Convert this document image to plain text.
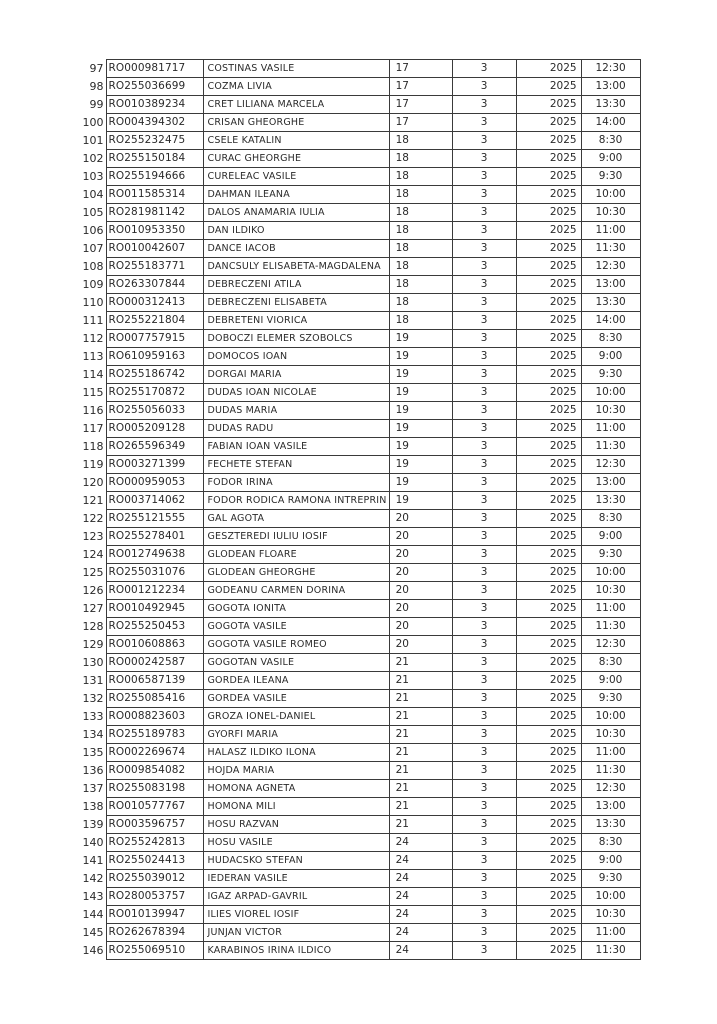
97	RO000981717	COSTINAS VASILE	17	3	2025	12:30
98	RO255036699	COZMA LIVIA	17	3	2025	13:00
99	RO010389234	CRET LILIANA MARCELA	17	3	2025	13:30
100	RO004394302	CRISAN GHEORGHE	17	3	2025	14:00
101	RO255232475	CSELE KATALIN	18	3	2025	8:30
102	RO255150184	CURAC GHEORGHE	18	3	2025	9:00
103	RO255194666	CURELEAC VASILE	18	3	2025	9:30
104	RO011585314	DAHMAN ILEANA	18	3	2025	10:00
105	RO281981142	DALOS ANAMARIA IULIA	18	3	2025	10:30
106	RO010953350	DAN ILDIKO	18	3	2025	11:00
107	RO010042607	DANCE IACOB	18	3	2025	11:30
108	RO255183771	DANCSULY ELISABETA-MAGDALENA	18	3	2025	12:30
109	RO263307844	DEBRECZENI ATILA	18	3	2025	13:00
110	RO000312413	DEBRECZENI ELISABETA	18	3	2025	13:30
111	RO255221804	DEBRETENI VIORICA	18	3	2025	14:00
112	RO007757915	DOBOCZI ELEMER SZOBOLCS	19	3	2025	8:30
113	RO610959163	DOMOCOS IOAN	19	3	2025	9:00
114	RO255186742	DORGAI MARIA	19	3	2025	9:30
115	RO255170872	DUDAS IOAN NICOLAE	19	3	2025	10:00
116	RO255056033	DUDAS MARIA	19	3	2025	10:30
117	RO005209128	DUDAS RADU	19	3	2025	11:00
118	RO265596349	FABIAN IOAN VASILE	19	3	2025	11:30
119	RO003271399	FECHETE STEFAN	19	3	2025	12:30
120	RO000959053	FODOR IRINA	19	3	2025	13:00
121	RO003714062	FODOR RODICA RAMONA INTREPRIN	19	3	2025	13:30
122	RO255121555	GAL AGOTA	20	3	2025	8:30
123	RO255278401	GESZTEREDI IULIU IOSIF	20	3	2025	9:00
124	RO012749638	GLODEAN FLOARE	20	3	2025	9:30
125	RO255031076	GLODEAN GHEORGHE	20	3	2025	10:00
126	RO001212234	GODEANU CARMEN DORINA	20	3	2025	10:30
127	RO010492945	GOGOTA IONITA	20	3	2025	11:00
128	RO255250453	GOGOTA VASILE	20	3	2025	11:30
129	RO010608863	GOGOTA VASILE ROMEO	20	3	2025	12:30
130	RO000242587	GOGOTAN VASILE	21	3	2025	8:30
131	RO006587139	GORDEA ILEANA	21	3	2025	9:00
132	RO255085416	GORDEA VASILE	21	3	2025	9:30
133	RO008823603	GROZA IONEL-DANIEL	21	3	2025	10:00
134	RO255189783	GYORFI MARIA	21	3	2025	10:30
135	RO002269674	HALASZ ILDIKO ILONA	21	3	2025	11:00
136	RO009854082	HOJDA MARIA	21	3	2025	11:30
137	RO255083198	HOMONA AGNETA	21	3	2025	12:30
138	RO010577767	HOMONA MILI	21	3	2025	13:00
139	RO003596757	HOSU RAZVAN	21	3	2025	13:30
140	RO255242813	HOSU VASILE	24	3	2025	8:30
141	RO255024413	HUDACSKO STEFAN	24	3	2025	9:00
142	RO255039012	IEDERAN VASILE	24	3	2025	9:30
143	RO280053757	IGAZ ARPAD-GAVRIL	24	3	2025	10:00
144	RO010139947	ILIES VIOREL IOSIF	24	3	2025	10:30
145	RO262678394	JUNJAN VICTOR	24	3	2025	11:00
146	RO255069510	KARABINOS IRINA ILDICO	24	3	2025	11:30
